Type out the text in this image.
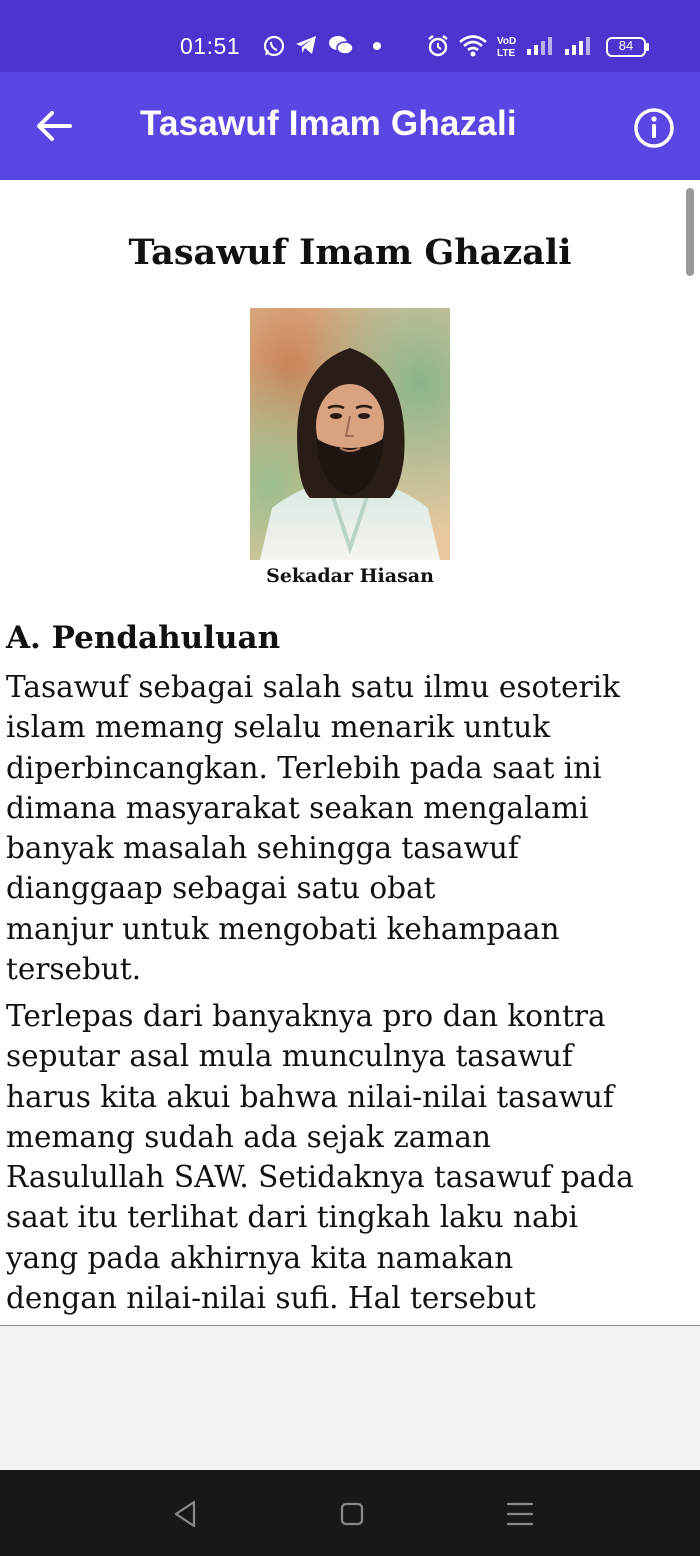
01:51	VoD
LTE
84
Tasawuf Imam Ghazali
Tasawuf Imam Ghazali
Sekadar Hiasan
A. Pendahuluan
Tasawuf sebagai salah satu ilmu esoterik
islam memang selalu menarik untuk
diperbincangkan. Terlebih pada saat ini
dimana masyarakat seakan mengalami
banyak masalah sehingga tasawuf
dianggaap sebagai satu obat
manjur untuk mengobati kehampaan
tersebut.
Terlepas dari banyaknya pro dan kontra
seputar asal mula munculnya tasawuf
harus kita akui bahwa nilai-nilai tasawuf
memang sudah ada sejak zaman
Rasulullah SAW. Setidaknya tasawuf pada
saat itu terlihat dari tingkah laku nabi
yang pada akhirnya kita namakan
dengan nilai-nilai sufi. Hal tersebut
